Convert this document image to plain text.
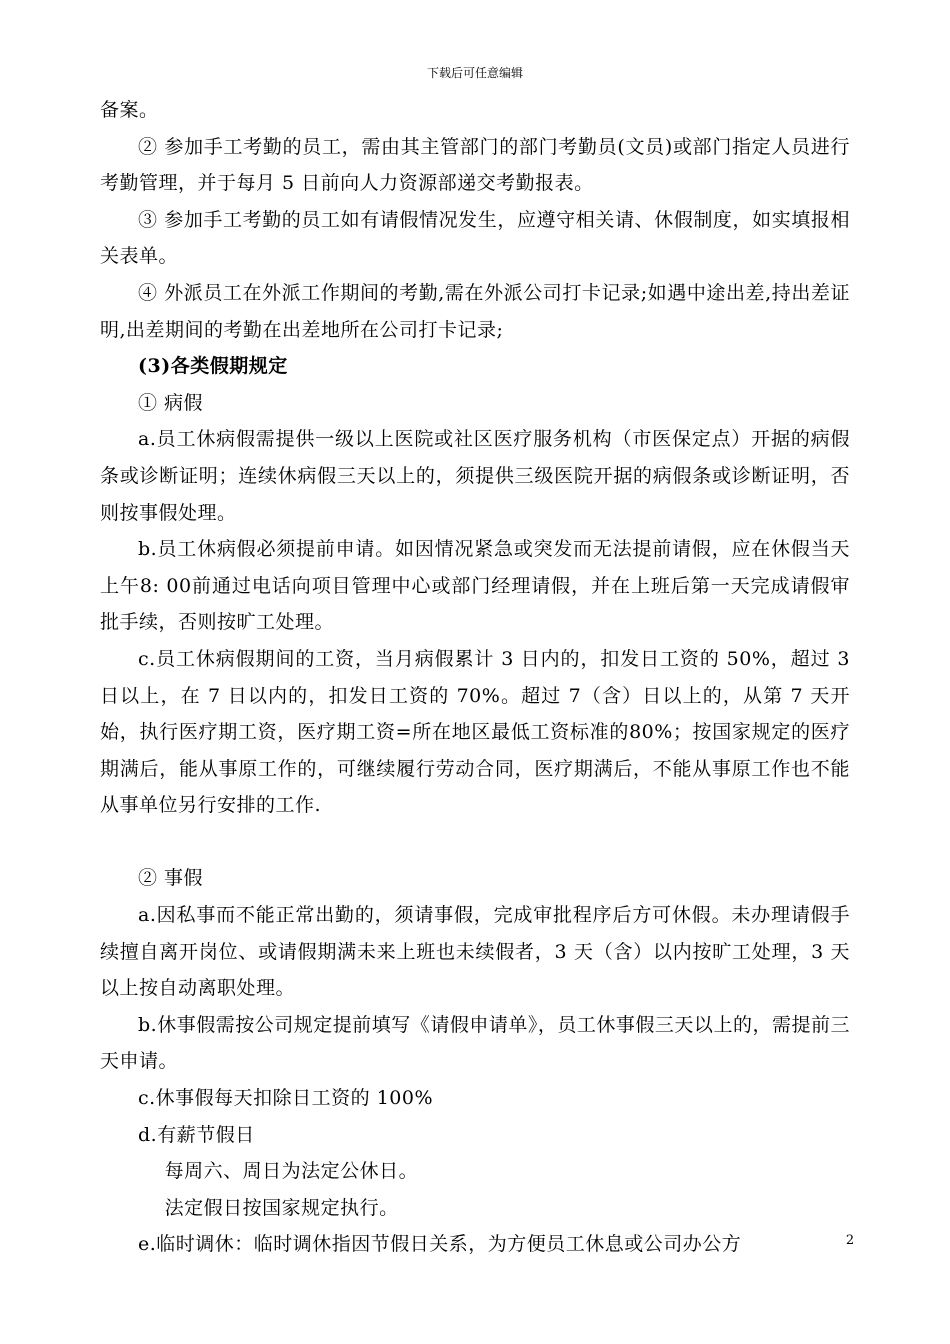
下载后可任意编辑

备案。

② 参加手工考勤的员工，需由其主管部门的部门考勤员(文员)或部门指定人员进行考勤管理，并于每月 5 日前向人力资源部递交考勤报表。

③ 参加手工考勤的员工如有请假情况发生，应遵守相关请、休假制度，如实填报相关表单。

④ 外派员工在外派工作期间的考勤,需在外派公司打卡记录;如遇中途出差,持出差证明,出差期间的考勤在出差地所在公司打卡记录;

(3)各类假期规定

① 病假

a.员工休病假需提供一级以上医院或社区医疗服务机构（市医保定点）开据的病假条或诊断证明；连续休病假三天以上的，须提供三级医院开据的病假条或诊断证明，否则按事假处理。

b.员工休病假必须提前申请。如因情况紧急或突发而无法提前请假，应在休假当天上午8: 00前通过电话向项目管理中心或部门经理请假，并在上班后第一天完成请假审批手续，否则按旷工处理。

c.员工休病假期间的工资，当月病假累计 3 日内的，扣发日工资的 50%，超过 3 日以上，在 7 日以内的，扣发日工资的 70%。超过 7（含）日以上的，从第 7 天开始，执行医疗期工资，医疗期工资=所在地区最低工资标准的80%；按国家规定的医疗期满后，能从事原工作的，可继续履行劳动合同，医疗期满后，不能从事原工作也不能从事单位另行安排的工作.

② 事假

a.因私事而不能正常出勤的，须请事假，完成审批程序后方可休假。未办理请假手续擅自离开岗位、或请假期满未来上班也未续假者，3 天（含）以内按旷工处理，3 天以上按自动离职处理。

b.休事假需按公司规定提前填写《请假申请单》，员工休事假三天以上的，需提前三天申请。

c.休事假每天扣除日工资的 100%

d.有薪节假日

每周六、周日为法定公休日。

法定假日按国家规定执行。

e.临时调休：临时调休指因节假日关系，为方便员工休息或公司办公方	2
